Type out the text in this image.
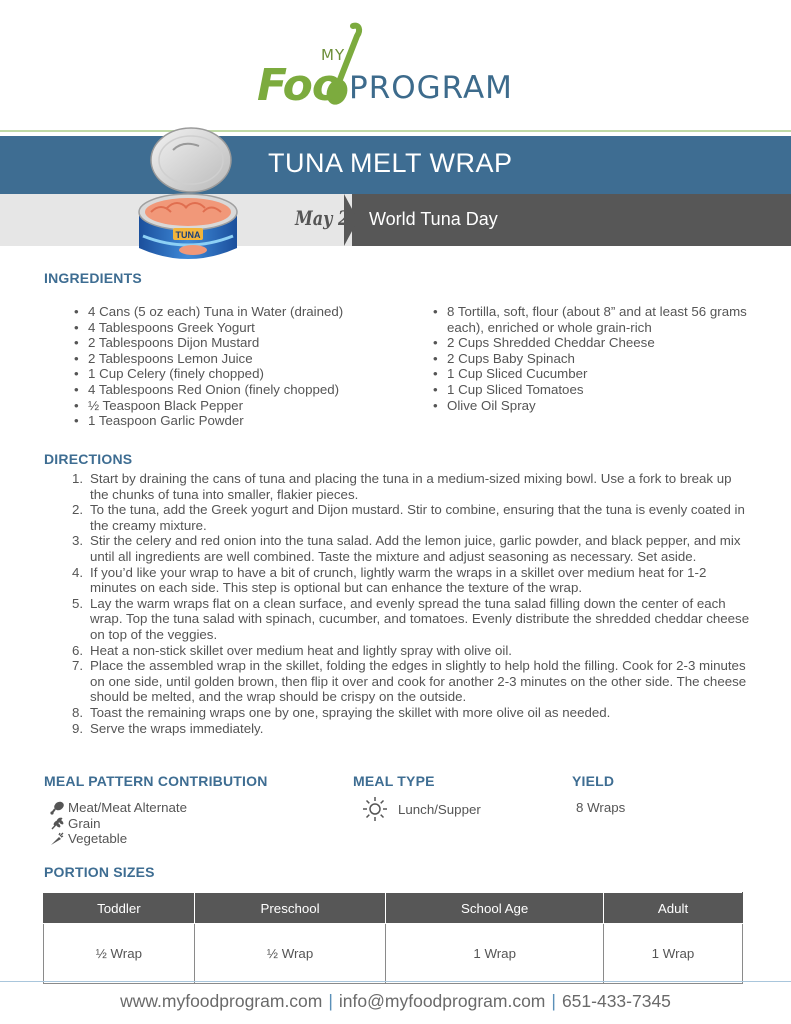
MY
Foo PROGRAM
TUNA MELT WRAP
May 2 World Tuna Day
TUNA
INGREDIENTS
• 4 Cans (5 oz each) Tuna in Water (drained)
• 4 Tablespoons Greek Yogurt
• 2 Tablespoons Dijon Mustard
• 2 Tablespoons Lemon Juice
• 1 Cup Celery (finely chopped)
• 4 Tablespoons Red Onion (finely chopped)
• ½ Teaspoon Black Pepper
• 1 Teaspoon Garlic Powder
• 8 Tortilla, soft, flour (about 8” and at least 56 grams each), enriched or whole grain-rich
• 2 Cups Shredded Cheddar Cheese
• 2 Cups Baby Spinach
• 1 Cup Sliced Cucumber
• 1 Cup Sliced Tomatoes
• Olive Oil Spray
DIRECTIONS
1. Start by draining the cans of tuna and placing the tuna in a medium-sized mixing bowl. Use a fork to break up the chunks of tuna into smaller, flakier pieces.
2. To the tuna, add the Greek yogurt and Dijon mustard. Stir to combine, ensuring that the tuna is evenly coated in the creamy mixture.
3. Stir the celery and red onion into the tuna salad. Add the lemon juice, garlic powder, and black pepper, and mix until all ingredients are well combined. Taste the mixture and adjust seasoning as necessary. Set aside.
4. If you’d like your wrap to have a bit of crunch, lightly warm the wraps in a skillet over medium heat for 1-2 minutes on each side. This step is optional but can enhance the texture of the wrap.
5. Lay the warm wraps flat on a clean surface, and evenly spread the tuna salad filling down the center of each wrap. Top the tuna salad with spinach, cucumber, and tomatoes. Evenly distribute the shredded cheddar cheese on top of the veggies.
6. Heat a non-stick skillet over medium heat and lightly spray with olive oil.
7. Place the assembled wrap in the skillet, folding the edges in slightly to help hold the filling. Cook for 2-3 minutes on one side, until golden brown, then flip it over and cook for another 2-3 minutes on the other side. The cheese should be melted, and the wrap should be crispy on the outside.
8. Toast the remaining wraps one by one, spraying the skillet with more olive oil as needed.
9. Serve the wraps immediately.
MEAL PATTERN CONTRIBUTION	MEAL TYPE	YIELD
Meat/Meat Alternate
Grain
Vegetable
Lunch/Supper	8 Wraps
PORTION SIZES
Toddler	Preschool	School Age	Adult
½ Wrap	½ Wrap	1 Wrap	1 Wrap
www.myfoodprogram.com | info@myfoodprogram.com | 651-433-7345
